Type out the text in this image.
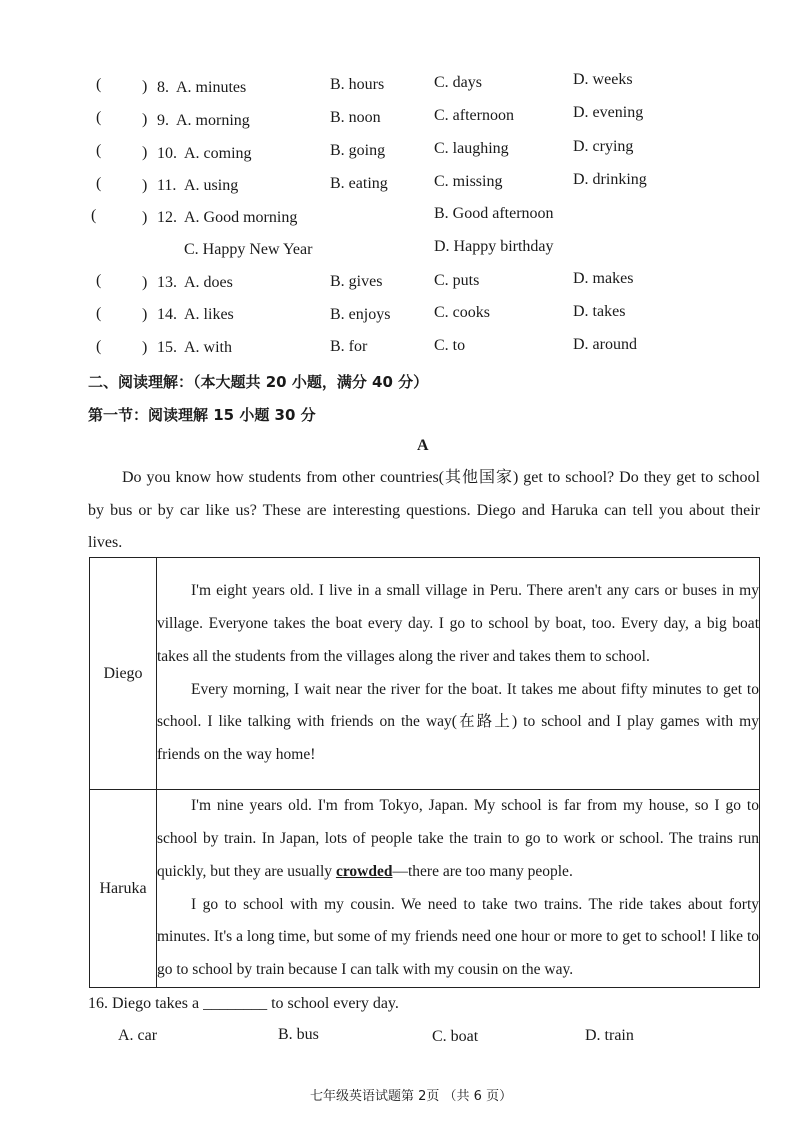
(	) 8. A. minutes	B. hours	C. days	D. weeks
(	) 9. A. morning	B. noon	C. afternoon	D. evening
(	) 10. A. coming	B. going	C. laughing	D. crying
(	) 11. A. using	B. eating	C. missing	D. drinking
(	) 12. A. Good morning	B. Good afternoon
C. Happy New Year	D. Happy birthday
(	) 13. A. does	B. gives	C. puts	D. makes
(	) 14. A. likes	B. enjoys	C. cooks	D. takes
(	) 15. A. with	B. for	C. to	D. around
二、阅读理解：（本大题共 20 小题，满分 40 分）
第一节：阅读理解 15 小题 30 分
A

Do you know how students from other countries(其他国家) get to school? Do they get to school by bus or by car like us? These are interesting questions. Diego and Haruka can tell you about their lives.

Diego	I'm eight years old. I live in a small village in Peru. There aren't any cars or buses in my village. Everyone takes the boat every day. I go to school by boat, too. Every day, a big boat takes all the students from the villages along the river and takes them to school.

Every morning, I wait near the river for the boat. It takes me about fifty minutes to get to school. I like talking with friends on the way(在路上) to school and I play games with my friends on the way home!

Haruka	I'm nine years old. I'm from Tokyo, Japan. My school is far from my house, so I go to school by train. In Japan, lots of people take the train to go to work or school. The trains run quickly, but they are usually crowded—there are too many people.

I go to school with my cousin. We need to take two trains. The ride takes about forty minutes. It's a long time, but some of my friends need one hour or more to get to school! I like to go to school by train because I can talk with my cousin on the way.

16. Diego takes a ________ to school every day.
A. car	B. bus	C. boat	D. train
七年级英语试题第 2页 （共 6 页）
